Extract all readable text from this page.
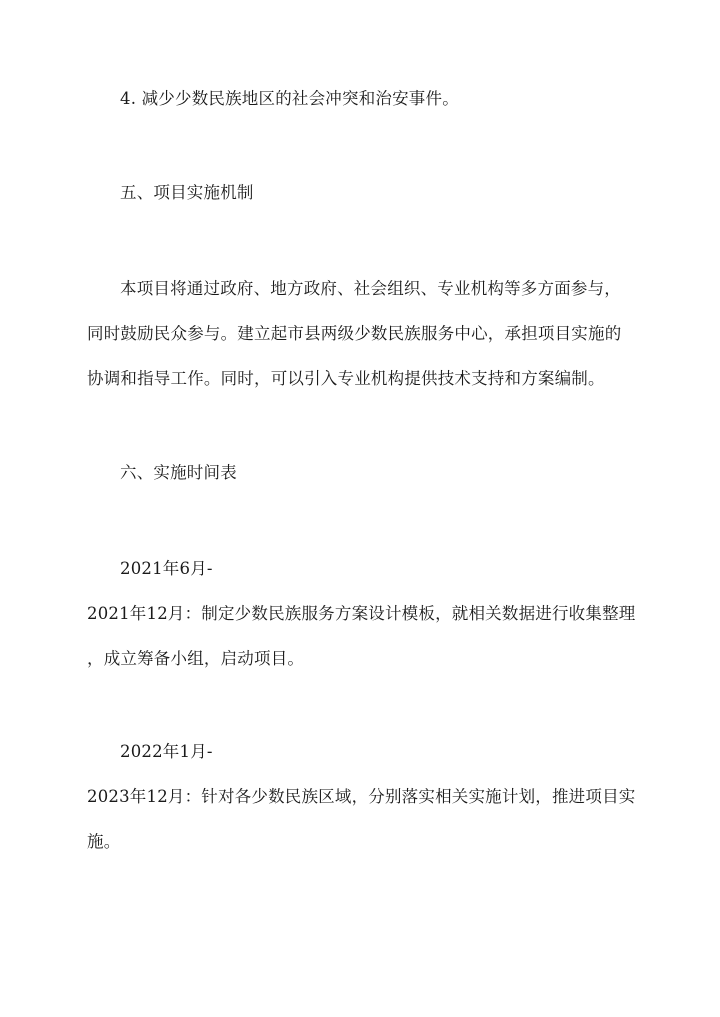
4. 减少少数民族地区的社会冲突和治安事件。
五、项目实施机制
本项目将通过政府、地方政府、社会组织、专业机构等多方面参与，
同时鼓励民众参与。建立起市县两级少数民族服务中心，承担项目实施的
协调和指导工作。同时，可以引入专业机构提供技术支持和方案编制。
六、实施时间表
2021年6月-
2021年12月：制定少数民族服务方案设计模板，就相关数据进行收集整理
，成立筹备小组，启动项目。
2022年1月-
2023年12月：针对各少数民族区域，分别落实相关实施计划，推进项目实
施。
